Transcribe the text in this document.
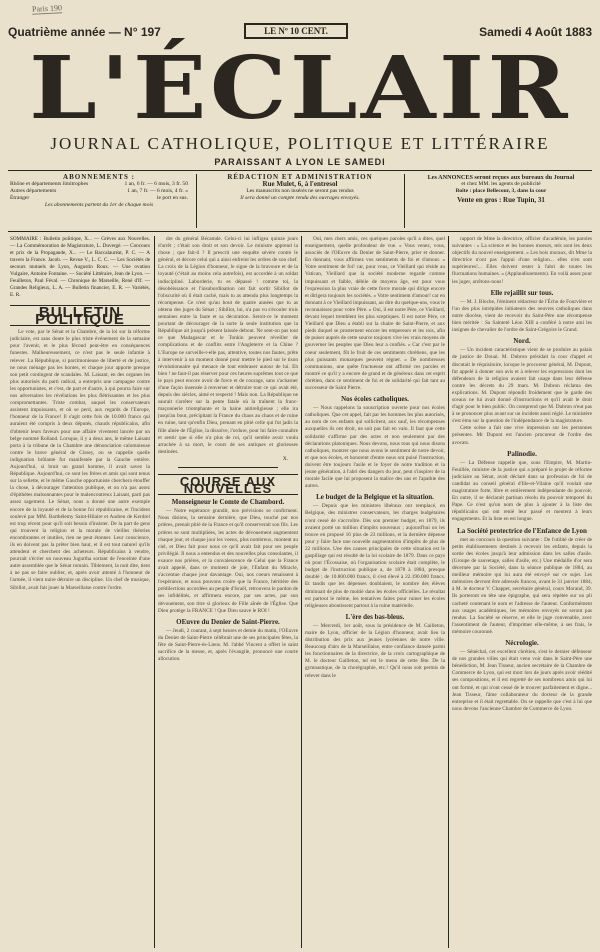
Paris 190
Quatrième année — N° 197	LE Nº 10 CENT.	Samedi 4 Août 1883
L'ÉCLAIR
JOURNAL CATHOLIQUE, POLITIQUE ET LITTÉRAIRE
PARAISSANT A LYON LE SAMEDI
ABONNEMENTS :
Rhône et départements limitrophes	1 an, 6 fr. — 6 mois, 3 fr. 50
Autres départements	1 an, 7 fr. — 6 mois, 4 fr. »
Étranger	le port en sus.
Les abonnements partent du 1er de chaque mois
RÉDACTION ET ADMINISTRATION
Rue Mulet, 6, à l'entresol
Les manuscrits non insérés ne seront pas rendus
Il sera donné un compte rendu des ouvrages envoyés.
Les ANNONCES seront reçues aux bureaux du Journal
et chez MM. les agents de publicité
Boîte : place Bellecour, 3, dans la cour
Vente en gros : Rue Tupin, 31
SOMMAIRE : Bulletin politique, X... — Grèves aux Nouvelles. — La Commémoration de Magistrature, L. Duvergé. — Concours et prix de la Propagande, X... — Le Baccalauréat, P. C. — A travers la France. Jacob. — Revue V., L. C. C. — Les Sociétés de secours mutuels de Lyon, Augustin Roux. — Une ovation Vulgaire, Antoine Fontaine. — Société Littéraire, Jean de Lyon. — Feuilleton, Paul Féval. — Chronique de Marseille, René d'If. — Grandes Religieux, L. A. — Bulletin financier, E. R. — Variétés, E. R.
BULLETIN POLITIQUE

Le vote, par le Sénat et la Chambre, de la loi sur la réforme judiciaire, est sans doute le plus triste événement de la semaine pour l'avenir, et le plus fécond peut-être en conséquences funestes. Malheureusement, ce n'est pas le seule infamie à relever. La République, si parcimonieuse de liberté et de justice, ne nous ménage pas les hontes, et chaque jour apporte presque son petit contingent de scandales. M. Laisant, en des organes les plus autorisés du parti radical, a entrepris une campagne contre les opportunistes, et c'est, de part et d'autre, à qui pourra faire sur nos adversaires les révélations les plus flétrissantes et les plus compromettantes. Triste combat, auquel les conservateurs assistent impuissants, et où se perd, aux regards de l'Europe, l'honneur de la France! Il s'agit cette fois de 10.000 francs qui auraient été compris à deux députés, chauds républicains, afin d'obtenir leurs faveurs pour une affaire vivement lancée par un belge nommé Rolland. Lorsque, il y a deux ans, le même Laisant porta à la tribune de la Chambre une dénonciation calomnieuse contre le brave général de Cissey, on se rappelle quelle indignation brûlante fut manifestée par la Gauche entière. Aujourd'hui, si bruit un grand homme, il avait savez la République. Aujourd'hui, ce sont les frères et amis qui sont tenus sur la sellette, et le même Gauche opportuniste cherchera étouffer la chose, à décourager l'attention publique, et on n'a pas assez d'épithètes malsonnantes pour le malencontreux Laisant, parti pas assez sagement. Le Sénat, nous a donné une autre exemple encore de la loyauté et de la bonne foi républicaine, et l'incident soulevé par MM. Barthélemy Saint-Hilaire et Audren de Kerdrel est trop récent pour qu'il soit besoin d'insister. De la part de gens qui trouvent la religion et la morale de vieilles théories encombrantes et inutiles, rien ne peut étonner. Leur conscience, ils en doivent pas la prêter bien haut, et il est tout naturel qu'ils attendent et cherchent des acheteurs. Républicains à vendre, pourrait s'écrier un nouveau Jugurtha sortant de l'enceinte d'une autre assemblée que le Sénat romain. Tiblement, la nuit dite, tient à ne pas se faire oublier, et, après avoir attenté à l'honneur de l'armée, il vient nuire détruire un discipline. Un chef de musique, Sibillot, avait fait jouer la Marseillaise contre l'ordre.

dre du général Bécamde. Celui-ci lui infligea quinze jours d'arrêt ; c'était son droit et son devoir. Le ministre apprend la chose ; que fait-il ? Il prescrit une enquête sévère contre le général, et décore celui qui a ainsi enfreint les ordres de son chef. La croix de la Légion d'honneur, le signe de la bravoure et de la loyauté (c'était au moins cela autrefois), est accordée à un soldat indiscipliné. Laborderie, tu es dépassé ! comme toi, la désobéissance et l'insubordination ont fait sortir Sibillot de l'obscurité où il était caché, mais tu as attendu plus longtemps la récompense. Ce n'est qu'au bout de quatre années que tu as obtenu des juges du Sénat ; Sibillot, lui, n'a pas vu s'écouler trois semaines entre la faute et sa décoration. Seroit-ce le moment pourtant de décourager de la sorte la seule institution que la République ait jusqu'à présent laissée debout. Ne sent-on pas tout ce que Madagascar et le Tonkin peuvent réveiller de complications et de conflits entre l'Angleterre et la Chine ? L'Europe ne surveille-t-elle pas, attentive, toutes nos fautes, prête à intervenir à un moment donné pour mettre le pied sur le tison révolutionnaire qui menace de tout embraser autour de lui. Eh bien ! ne faut-il pas réserver pour ces heures suprêmes tout ce que le pays peut encore avoir de force et de courage, sans s'acharner d'une façon insensée à renverser et détruire tout ce qui avait été, depuis des siècles, aimé et respecté ! Mais non. La République ne saurait s'arrêter sur la pente fatale où la traînent la franc-maçonnerie triomphante et la haine antireligieuse ; elle ira jusqu'au bout, précipitant la France du chaos au chaos et de ruine en ruine, tant qu'enfin Dieu, prenant en pitié celle qui fut jadis la fille aînée de l'Église, la dissolve, l'ordure, pour lui faire connaître et sentir que si elle n'a plus de roi, qu'il semble avoir voulu arrachée à sa mort, le cours de ses antiques et glorieuses destinées.

X.
COURSE AUX NOUVELLES
Monseigneur le Comte de Chambord.

— Notre espérance grandit, nos prévisions se confirment. Nous disions, la semaine dernière, que Dieu, touché par nos prières, prenait pitié de la France et qu'il conserverait son fils. Les prières se sont multipliées, les actes de dévouement augmentent chaque jour, et chaque jour les voeux, plus nombreux, montent au ciel, et Dieu fait pour nous ce qu'il avait fait pour ses peuple privilégié. Il nous a entendus et des nouvelles plus consolantes, il exauce nos prières, et la convalescence de Celui que la France avait appelé, dans ce moment de joie, l'Enfant du Miracle, s'accentue chaque jour davantage. Oui, nos coeurs renaissent à l'espérance, et nous pouvons croire que la France, héritière des prédilections accordées au peuple d'Israël, retrouvera le pardon de ses infidélités, et affirmera encore, par ses actes, par son dévouement, son titre si glorieux de Fille aînée de l'Église. Que Dieu protège la FRANCE ! Que Dieu sauve le ROI !

OEuvre du Denier de Saint-Pierre.

— Jeudi, 2 courant, à sept heures et demie du matin, l'OEuvre du Denier de Saint-Pierre célébrait une de ses principales fêtes, la fête de Saint-Pierre-ès-Liens. M. l'abbé Vincent a offert le saint sacrifice de la messe, et, après l'évangile, prononcé une courte allocution.

Oui, mes chers amis, ces quelques paroles qu'il a dites, quel enseignement, quelle profondeur de vue. « Vous venez, vous, associés de l'OEuvre du Denier de Saint-Pierre, prier et donner. En donnant, vous affirmez vos sentiments de foi et d'amour. « Votre sentiment de foi! car, pour vous, ce Vieillard qui réside au Vatican, Vieillard que la société moderne regarde comme impuissant et faible, débile de moyens âge, est pour vous l'expression la plus vraie de cette force morale qui dirige encore et dirigera toujours les sociétés. « Votre sentiment d'amour! car en donnant à ce Vieillard impuissant, au dire du quelque-uns, vous le reconnaissez pour votre Père. « Oui, il est notre Père, ce Vieillard, devant lequel tremblent les plus sceptiques. Il est notre Père, ce Vieillard que Dieu a établi sur la chaire de Saint-Pierre, et aux pieds duquel se prosternent encore les empereurs et les rois, afin de puiser auprès de cette source toujours vive les vrais moyens de gouverner les peuples que Dieu leur a confiés. « Car c'est par le coeur seulement, fût le fruit de ces sentiments chrétiens, que les plus puissants monarques peuvent régner. » De nombreuses communions, une quête fructueuse ont affirmé ces paroles et montré ce qu'il y a encore de grand et de généreux dans cet esprit chrétien, dans ce sentiment de foi et de solidarité qui fait tant au successeur de Saint Pierre.

Nos écoles catholiques.

— Nous rappelons la souscription ouverte pour nos écoles catholiques. Que cet appel, fait par les hommes les plus autorisés, au nom de ces enfants qui sollicitent, aux sauf, les récompenses auxquelles ils ont droit, ne soit pas fait en vain. Il faut que cette solidarité s'affirme par des actes et non seulement par des déclarations platoniques. Nous devons, nous tous qui nous disons catholiques, montrer que nous avons le sentiment de notre devoir, et que nos écoles, et honorent d'entre nous ont puisé l'instruction, doivent être toujours l'asile et le foyer de notre tradition et la jeune génération, à l'abri des dangers du jour, peut s'inspirer de la morale facile que lui proposent la malice des uns et l'apathie des autres.

Le budget de la Belgique et la situation.

— Depuis que les ministres libéraux ont remplacé, en Belgique, des ministres conservateurs, les charges budgétaires n'ont cessé de s'accroître. Dès son premier budget, en 1879, ils avaient porté un million d'impôts nouveaux ; aujourd'hui on les trouve en proposé 16 plus de 23 millions, et la dernière dépense pour y faire face une nouvelle augmentation d'impôts de plus de 22 millions. Une des causes principales de cette situation est le gaspillage qui est résulté de la loi scolaire de 1879. Dans ce pays où pour l'Écossaise, où l'organisation scolaire était complète, le budget de l'instruction publique a, de 1878 à 1884, presque doublé ; de 10.800.000 francs, il s'est élevé à 22.190.000 francs. Et tandis que les dépenses doublaient, le nombre des élèves diminuait de plus de moitié dans les écoles officielles. Le résultat est partout le même, les tentatives faites pour ruiner les écoles religieuses aboutissent partout à la ruine matérielle.

L'ère des bas-bleus.

— Mercredi, 1er août, sous la présidence de M. Gailleton, maire de Lyon, officier de la Légion d'honneur, avait lieu la distribution des prix aux jeunes lycéennes de notre ville. Beaucoup d'airs de la Marseillaise, entre confiance dansée parmi les fonctionnaires de la directrice, de la croix cartographique de M. le docteur Gailleton, tel est le menu de cette fête. De la gymnastique, de la chorégraphie, etc.! Qu'il nous soit permis de relever dans le

rapport de Mme la directrice, officier d'académie, les paroles suivantes : « La science et les bonnes moeurs, tels sont les deux objectifs du nouvel enseignement. « Les bois moraux, dit Mme la directrice n'ont pas l'appui d'une religion... elles n'en sont supérieures!... Elles doivent rester à l'abri de toutes les fluctuations humaines. » (Applaudissements). En voilà assez pour les juger, arrêtons-nous!

Elle rejaillit sur tous.

— M. J. Bloche, l'éminent rédacteur de l'Écho de Fourvière et l'un des plus intrépides initiateurs des oeuvres catholiques dans notre diocèse, vient de recevoir du Saint-Père une récompense bien méritée : Sa Sainteté Léon XIII a conféré à notre ami les insignes de chevalier de l'ordre de Saint-Grégoire le Grand.

Nord.

— Un incident caractéristique vient de se produire au palais de justice de Douai. M. Dubron présidait la cour d'appel et discutait le réquisitoire, lorsque le procureur général, M. Dupont, fut appelé à donner son avis et à relever les expressions dont les défendeurs de la religion avaient fait usage dans leur défense contre les décrets du 29 mars. M. Dubron réclama des explications. M. Dupont répondit froidement que le garde des sceaux ne lui avait donné d'instructions et qu'il avait le droit d'agir pour le bien public. On comprend que M. Dubron n'eut pas à se prononcer plus avant sur un incident aussi réglé. Le ministère s'est ému sur la question de l'indépendance de la magistrature.

Cette scène a fait une vive impression sur les personnes présentes. Mr Dupont est l'ancien procureur de l'ordre des avocats.

Palinodie.

— La Défense rappelle que, sous l'Empire, M. Martin-Feuillée, ministre de la justice qui a préparé le projet de réforme judiciaire au Sénat, avait déclaré dans sa profession de foi de candidat au conseil général d'Ille-et-Vilaine qu'il voulait une magistrature forte, libre et entièrement indépendante du pouvoir. En outre, il se déclarait partisan résolu du pouvoir temporel du Pape. Ce n'est qu'un nom de plus à ajouter à la liste des républicains qui ont renié leur passé et mentent à leurs engagements. Et la liste en est longue.

La Société protectrice de l'Enfance de Lyon

met au concours la question suivante : De l'utilité de créer de petits établissements destinés à recevoir les enfants, depuis la sortie des écoles jusqu'à leur admission dans les salles d'asile. (Groupe de sauvetage, salles d'asile, etc.) Une médaille d'or sera décernée par la Société, dans la séance publique de 1884, au meilleur mémoire qui lui aura été envoyé sur ce sujet. Les mémoires devront être adressés francos, avant le 31 janvier 1884, à M. le docteur V. Chappet, secrétaire général, cours Morand, 39. Ils porteront en tête une épigraphe, qui sera répétée sur un pli cacheté contenant le nom et l'adresse de l'auteur. Conformément aux usages académiques, les mémoires envoyés ne seront pas rendus. La Société se réserve, et elle le juge convenable, avec l'assentiment de l'auteur, d'imprimer elle-même, à ses frais, le mémoire couronné.

Nécrologie.

— Sénéchal, cet excellent chrétien, s'est le dernier défenseur de nos grandes villes qui était venu voir dans le Saint-Père une bénédiction, M. Jean Tisseur, ancien secrétaire de la Chambre de Commerce de Lyon, qui est mort lors de jours après avoir réédité ses compositions, et il est regretté de ses nombreux amis qui lui ont formé, et qui n'ont cessé de le trouver parfaitement et digne... Jean Tisseur, l'âme collaborateur du docteur de la grande entreprise et il était regrettable. On se rappelle que c'est à lui que nous devons l'ancienne Chambre de Commerce de Lyon.
